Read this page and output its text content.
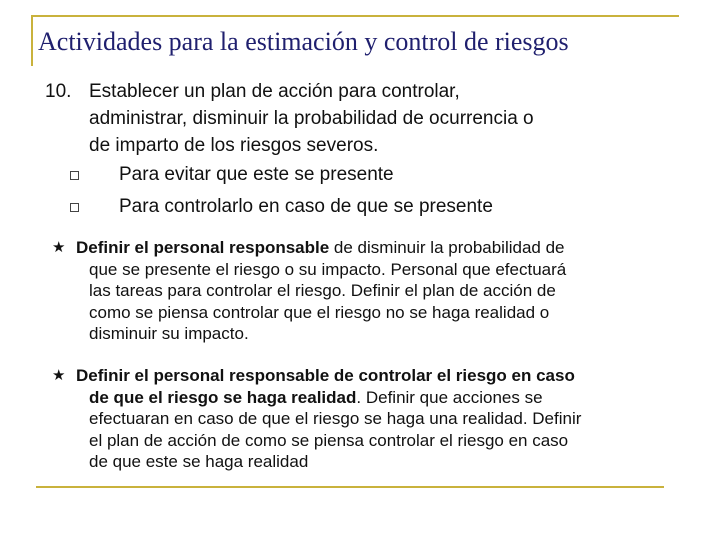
Actividades para la estimación y control de riesgos
10. Establecer un plan de acción para controlar,
administrar, disminuir la probabilidad de ocurrencia o
de imparto de los riesgos severos.
Para evitar que este se presente
Para controlarlo en caso de que se presente
★ Definir el personal responsable de disminuir la probabilidad de
que se presente el riesgo o su impacto. Personal que efectuará
las tareas para controlar el riesgo. Definir el plan de acción de
como se piensa controlar que el riesgo no se haga realidad o
disminuir su impacto.
★ Definir el personal responsable de controlar el riesgo en caso
de que el riesgo se haga realidad. Definir que acciones se
efectuaran en caso de que el riesgo se haga una realidad. Definir
el plan de acción de como se piensa controlar el riesgo en caso
de que este se haga realidad
